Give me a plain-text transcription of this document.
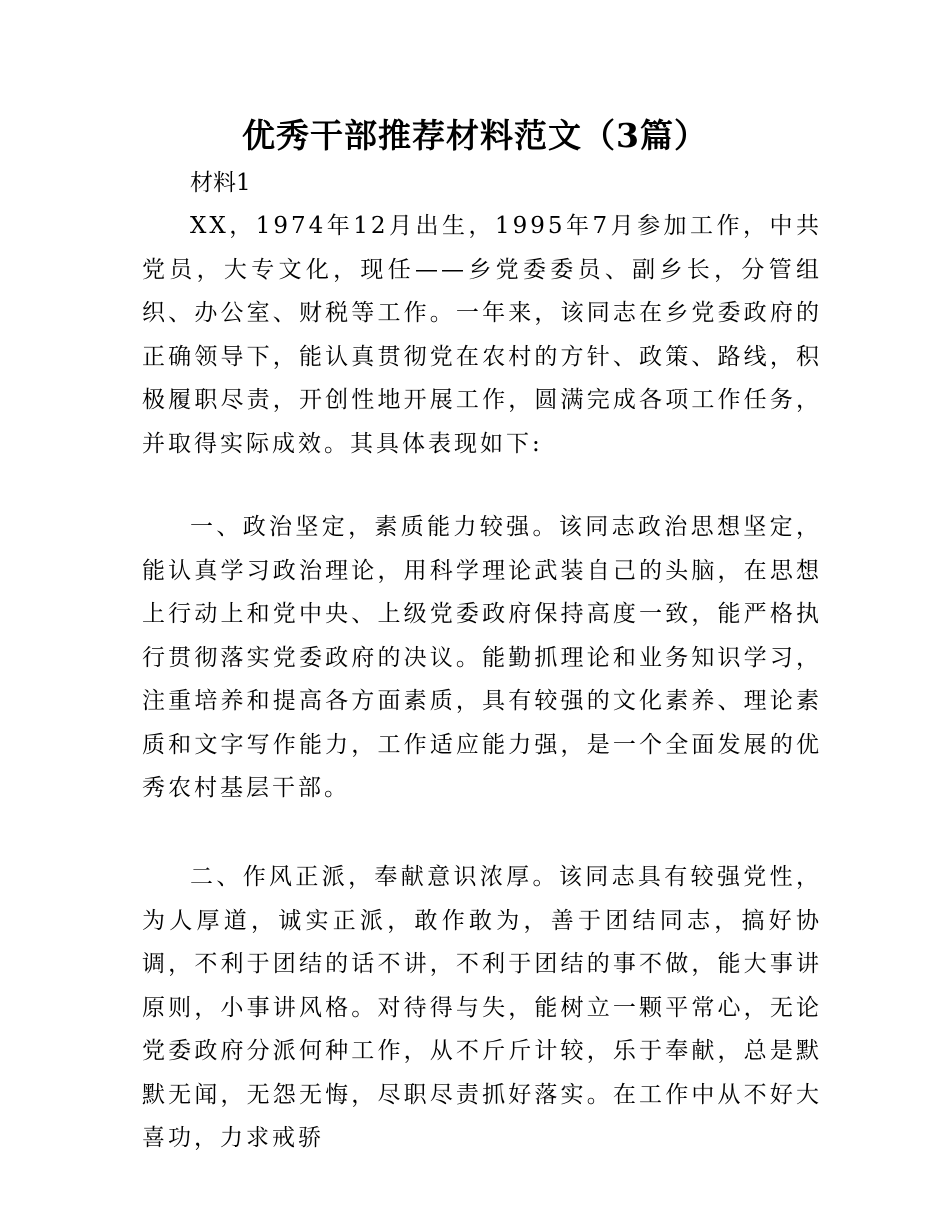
优秀干部推荐材料范文（3篇）
材料1

XX，1974年12月出生，1995年7月参加工作，中共党员，大专文化，现任——乡党委委员、副乡长，分管组织、办公室、财税等工作。一年来，该同志在乡党委政府的正确领导下，能认真贯彻党在农村的方针、政策、路线，积极履职尽责，开创性地开展工作，圆满完成各项工作任务，并取得实际成效。其具体表现如下:

一、政治坚定，素质能力较强。该同志政治思想坚定，能认真学习政治理论，用科学理论武装自己的头脑，在思想上行动上和党中央、上级党委政府保持高度一致，能严格执行贯彻落实党委政府的决议。能勤抓理论和业务知识学习，注重培养和提高各方面素质，具有较强的文化素养、理论素质和文字写作能力，工作适应能力强，是一个全面发展的优秀农村基层干部。

二、作风正派，奉献意识浓厚。该同志具有较强党性，为人厚道，诚实正派，敢作敢为，善于团结同志，搞好协调，不利于团结的话不讲，不利于团结的事不做，能大事讲原则，小事讲风格。对待得与失，能树立一颗平常心，无论党委政府分派何种工作，从不斤斤计较，乐于奉献，总是默默无闻，无怨无悔，尽职尽责抓好落实。在工作中从不好大喜功，力求戒骄
